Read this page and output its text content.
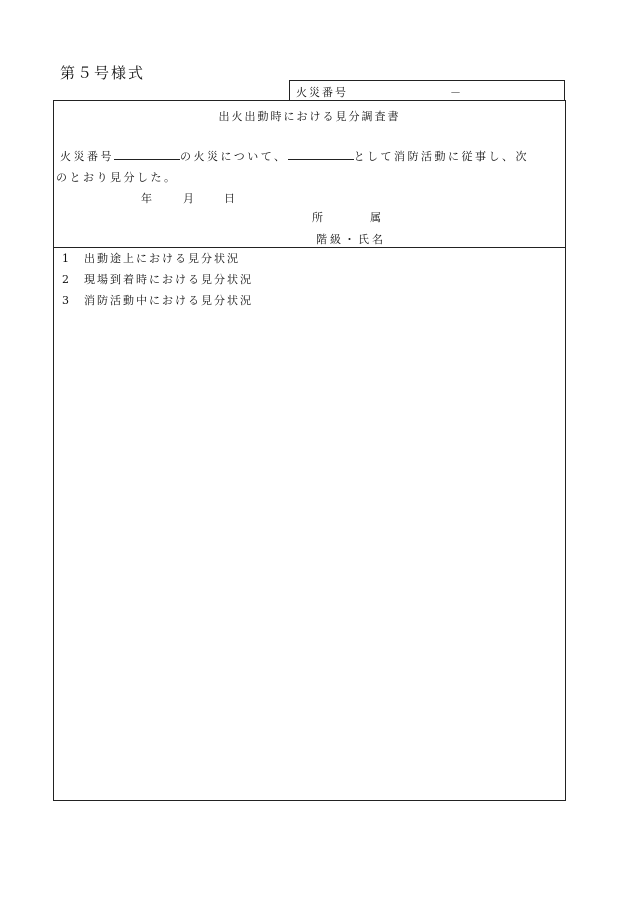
第５号様式
火災番号	－
出火出動時における見分調査書
火災番号	の火災について、	として消防活動に従事し、次
のとおり見分した。
年	月	日
所	属
階級・氏名
1 出動途上における見分状況
2 現場到着時における見分状況
3 消防活動中における見分状況
